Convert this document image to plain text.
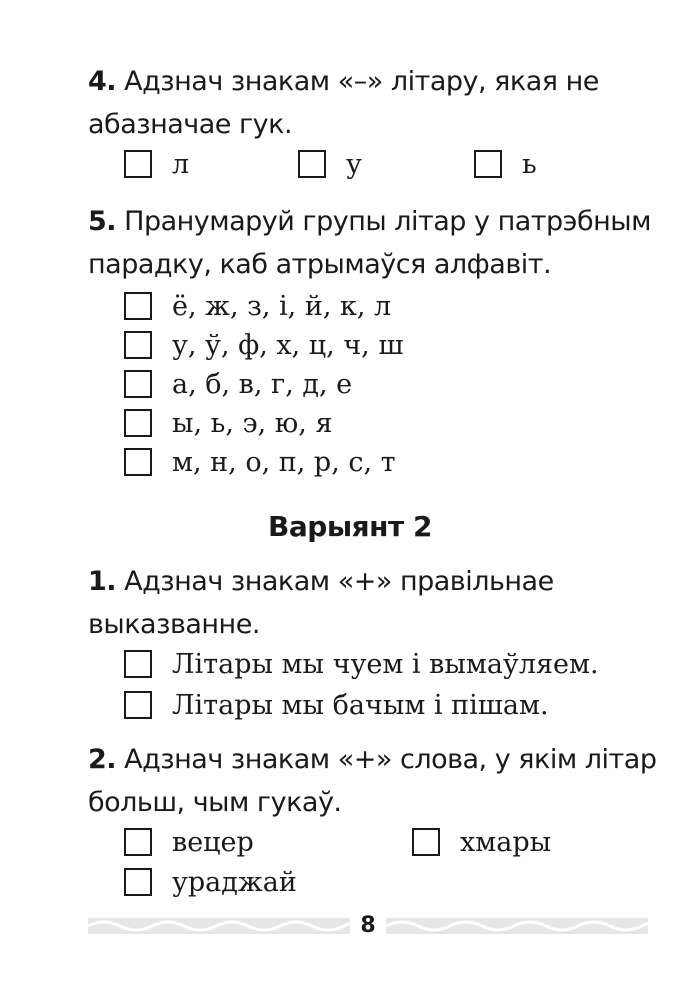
4. Адзнач знакам «–» літару, якая не абазначае гук.
л	у	ь
5. Пранумаруй групы літар у патрэбным парадку, каб атрымаўся алфавіт.
ё, ж, з, і, й, к, л
у, ў, ф, х, ц, ч, ш
а, б, в, г, д, е
ы, ь, э, ю, я
м, н, о, п, р, с, т
Варыянт 2
1. Адзнач знакам «+» правільнае выказванне.
Літары мы чуем і вымаўляем.
Літары мы бачым і пішам.
2. Адзнач знакам «+» слова, у якім літар больш, чым гукаў.
вецер	хмары
ураджай
8
